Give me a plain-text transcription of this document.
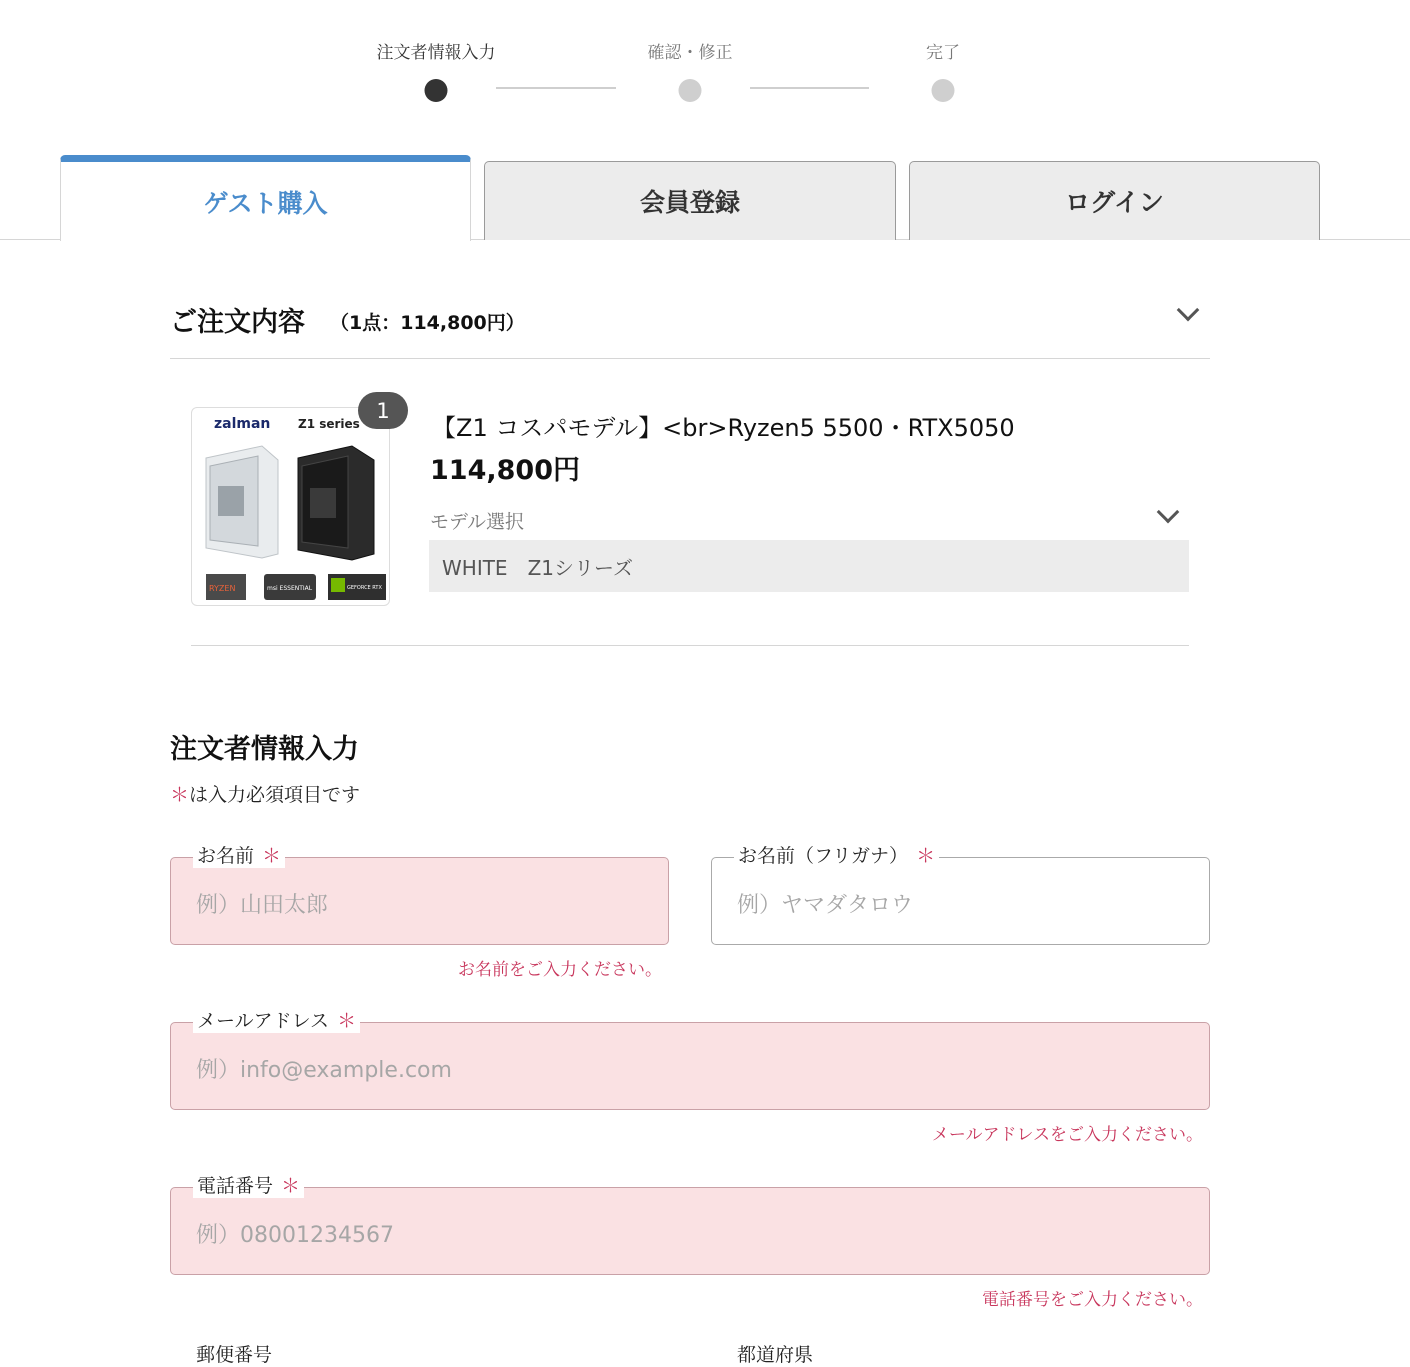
注文者情報入力	確認・修正	完了
ゲスト購入	会員登録	ログイン
ご注文内容 （1点：114,800円）
1
zalman Z1 series
RYZEN	msi ESSENTIAL	GEFORCE RTX
【Z1 コスパモデル】<br>Ryzen5 5500・RTX5050
114,800円
モデル選択
WHITE　Z1シリーズ
注文者情報入力
＊は入力必須項目です
お名前 ＊
例）山田太郎
お名前をご入力ください。
お名前（フリガナ） ＊
例）ヤマダタロウ
メールアドレス ＊
例）info@example.com
メールアドレスをご入力ください。
電話番号 ＊
例）08001234567
電話番号をご入力ください。
郵便番号	都道府県
